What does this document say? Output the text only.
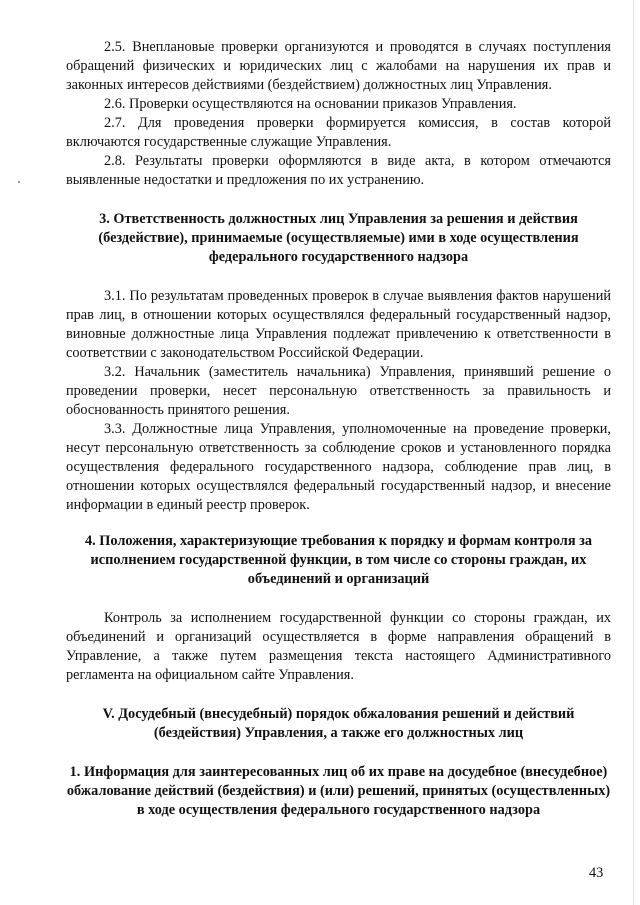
2.5. Внеплановые проверки организуются и проводятся в случаях поступления обращений физических и юридических лиц с жалобами на нарушения их прав и законных интересов действиями (бездействием) должностных лиц Управления.

2.6. Проверки осуществляются на основании приказов Управления.

2.7. Для проведения проверки формируется комиссия, в состав которой включаются государственные служащие Управления.

2.8. Результаты проверки оформляются в виде акта, в котором отмечаются выявленные недостатки и предложения по их устранению.

3. Ответственность должностных лиц Управления за решения и действия (бездействие), принимаемые (осуществляемые) ими в ходе осуществления федерального государственного надзора

3.1. По результатам проведенных проверок в случае выявления фактов нарушений прав лиц, в отношении которых осуществлялся федеральный государственный надзор, виновные должностные лица Управления подлежат привлечению к ответственности в соответствии с законодательством Российской Федерации.

3.2. Начальник (заместитель начальника) Управления, принявший решение о проведении проверки, несет персональную ответственность за правильность и обоснованность принятого решения.

3.3. Должностные лица Управления, уполномоченные на проведение проверки, несут персональную ответственность за соблюдение сроков и установленного порядка осуществления федерального государственного надзора, соблюдение прав лиц, в отношении которых осуществлялся федеральный государственный надзор, и внесение информации в единый реестр проверок.

4. Положения, характеризующие требования к порядку и формам контроля за исполнением государственной функции, в том числе со стороны граждан, их объединений и организаций

Контроль за исполнением государственной функции со стороны граждан, их объединений и организаций осуществляется в форме направления обращений в Управление, а также путем размещения текста настоящего Административного регламента на официальном сайте Управления.

V. Досудебный (внесудебный) порядок обжалования решений и действий (бездействия) Управления, а также его должностных лиц

1. Информация для заинтересованных лиц об их праве на досудебное (внесудебное) обжалование действий (бездействия) и (или) решений, принятых (осуществленных) в ходе осуществления федерального государственного надзора

43
